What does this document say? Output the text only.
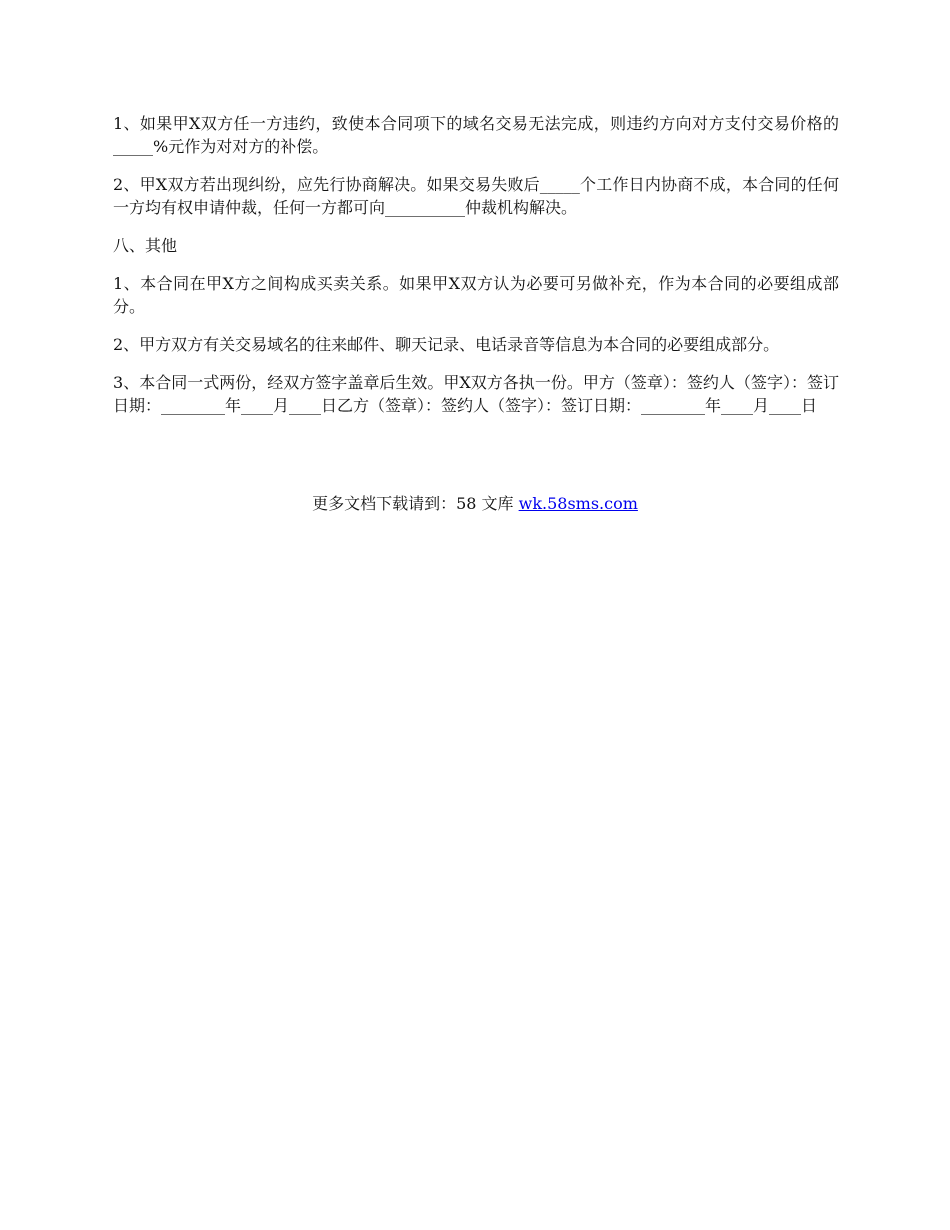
1、如果甲X双方任一方违约，致使本合同项下的域名交易无法完成，则违约方向对方支付交易价格的_____%元作为对对方的补偿。

2、甲X双方若出现纠纷，应先行协商解决。如果交易失败后_____个工作日内协商不成，本合同的任何一方均有权申请仲裁，任何一方都可向__________仲裁机构解决。

八、其他

1、本合同在甲X方之间构成买卖关系。如果甲X双方认为必要可另做补充，作为本合同的必要组成部分。

2、甲方双方有关交易域名的往来邮件、聊天记录、电话录音等信息为本合同的必要组成部分。

3、本合同一式两份，经双方签字盖章后生效。甲X双方各执一份。甲方（签章）：签约人（签字）：签订日期：________年____月____日乙方（签章）：签约人（签字）：签订日期：________年____月____日

更多文档下载请到：58 文库 wk.58sms.com
